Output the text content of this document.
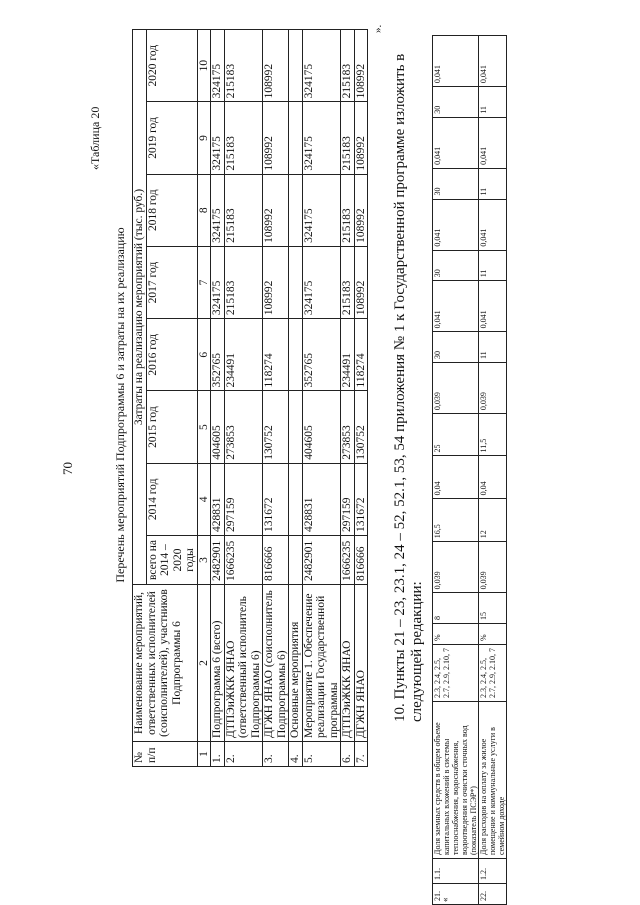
70
«Таблица 20
Перечень мероприятий Подпрограммы 6 и затраты на их реализацию
№ п/п	Наименование мероприятий, ответственных исполнителей (соисполнителей), участников Подпрограммы 6	Затраты на реализацию мероприятий (тыс. руб.)							
		всего на 2014 – 2020 годы	2014 год	2015 год	2016 год	2017 год	2018 год	2019 год	2020 год
1	2	3	4	5	6	7	8	9	10
1.	Подпрограмма 6 (всего)	2482901	428831	404605	352765	324175	324175	324175	324175
2.	ДТПЭиЖКК ЯНАО (ответственный исполнитель Подпрограммы 6)	1666235	297159	273853	234491	215183	215183	215183	215183
3.	ДГЖН ЯНАО (соисполнитель Подпрограммы 6)	816666	131672	130752	118274	108992	108992	108992	108992
4.	Основные мероприятия								
5.	Мероприятие 1. Обеспечение реализации Государственной программы	2482901	428831	404605	352765	324175	324175	324175	324175
6.	ДТПЭиЖКК ЯНАО	1666235	297159	273853	234491	215183	215183	215183	215183
7.	ДГЖН ЯНАО	816666	131672	130752	118274	108992	108992	108992	108992
».
10. Пункты 21 – 23, 23.1, 24 – 52, 52.1, 53, 54 приложения № 1 к Государственной программе изложить в следующей редакции:
«
21.	1.1.	Доля заемных средств в общем объеме капитальных вложений в системы теплоснабжения, водоснабжения, водоотведения и очистки сточных вод (показатель ПСЭР*)	2.3, 2.4, 2.5, 2.7, 2.9, 2.10, 7	%	8	0,039	16,5	0,04	25	0,039	30	0,041	30	0,041	30	0,041	30	0,041
22.	1.2.	Доля расходов на оплату за жилое помещение и коммунальные услуги в семейном доходе	2.3, 2.4, 2.5, 2.7, 2.9, 2.10, 7	%	15	0,039	12	0,04	11,5	0,039	11	0,041	11	0,041	11	0,041	11	0,041
